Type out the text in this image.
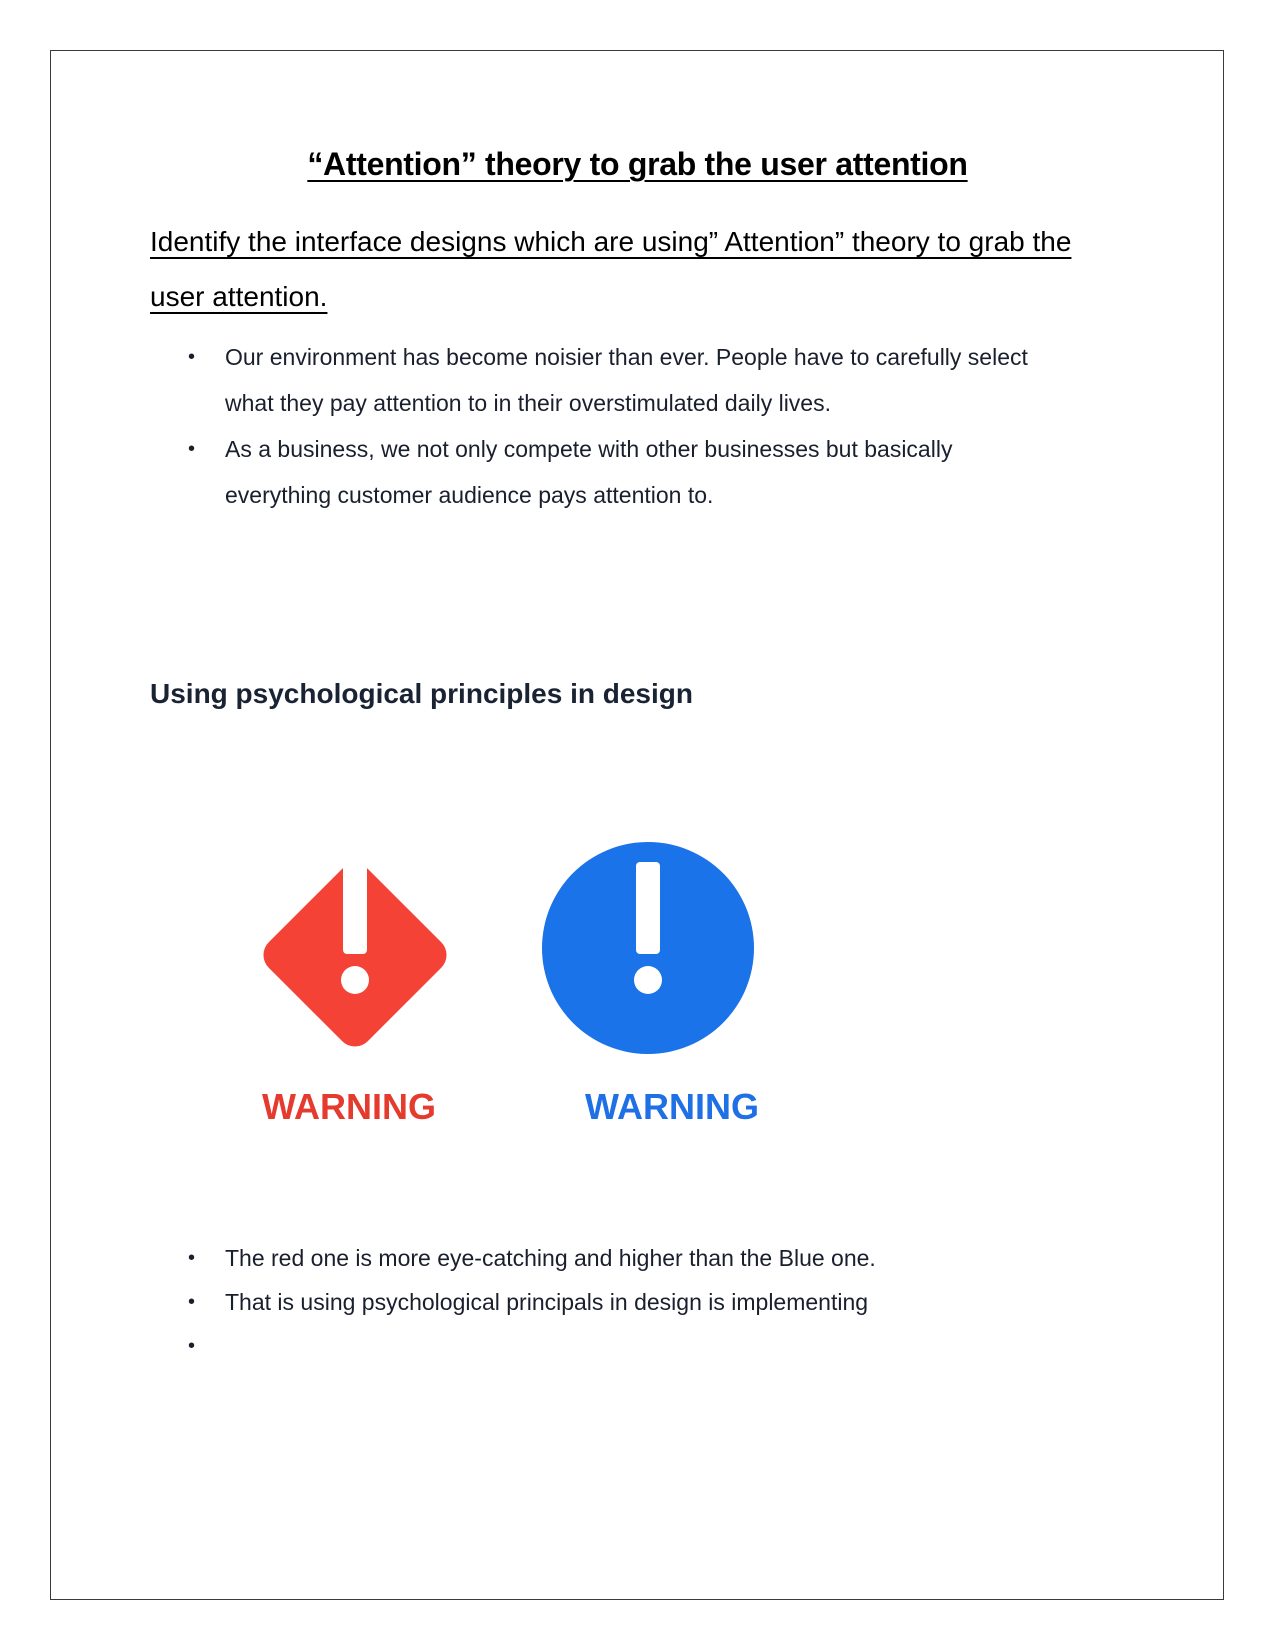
“Attention” theory to grab the user attention
Identify the interface designs which are using” Attention” theory to grab the
user attention.
• Our environment has become noisier than ever. People have to carefully select what they pay attention to in their overstimulated daily lives.
• As a business, we not only compete with other businesses but basically everything customer audience pays attention to.
Using psychological principles in design
WARNING	WARNING
• The red one is more eye-catching and higher than the Blue one.
• That is using psychological principals in design is implementing
•
